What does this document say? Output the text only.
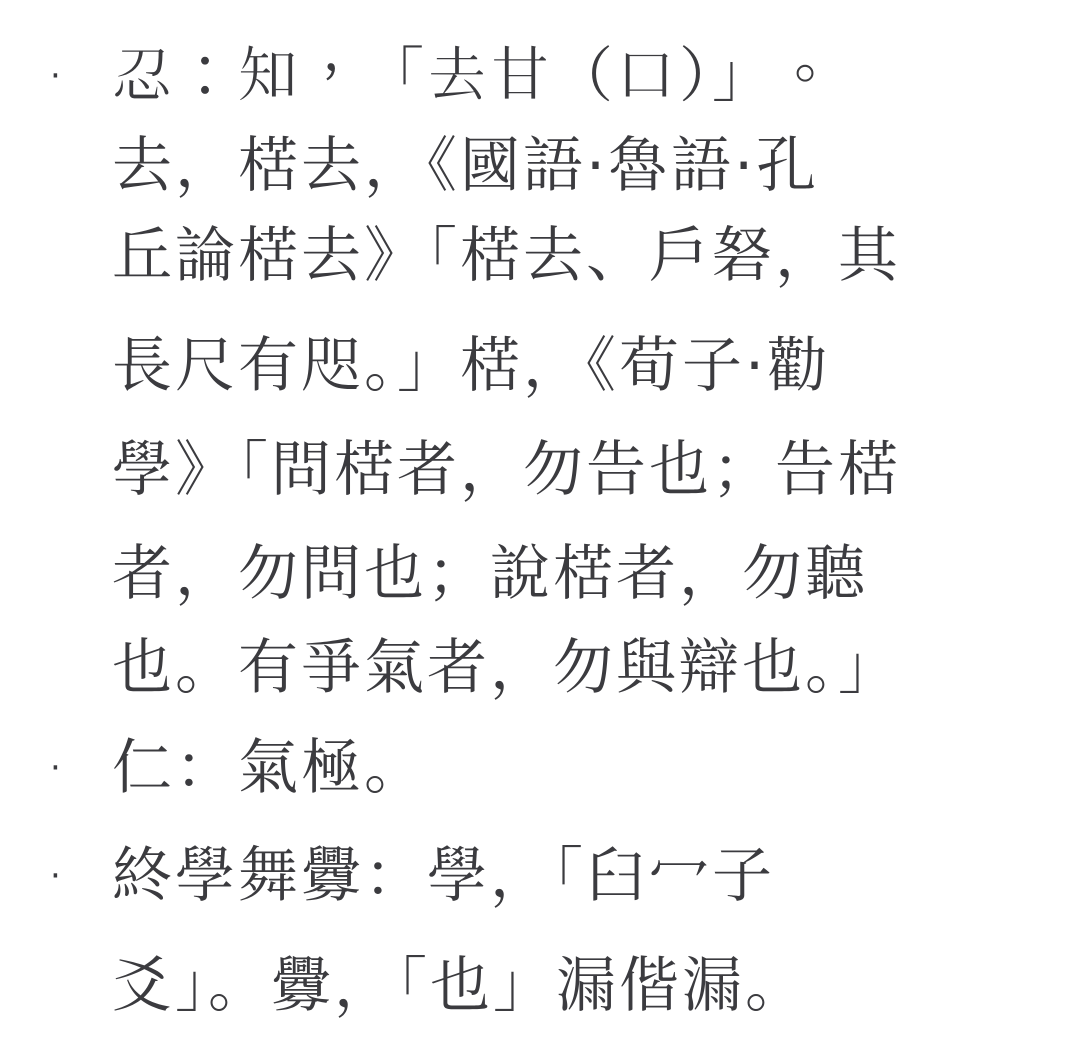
· 𢖫：知，「去甘（口）」。
去，楛去，《國語·魯語·孔
丘論楛去》「楛去、戶砮，其
長尺有咫。」楛，《荀子·勸
學》「問楛者，勿告也；告楛
者，勿問也；說楛者，勿聽
也。有爭氣者，勿與辯也。」
· 仁：氣極。
· 終學舞釁：學，「臼冖子
爻」。釁，「也」漏偕漏。
